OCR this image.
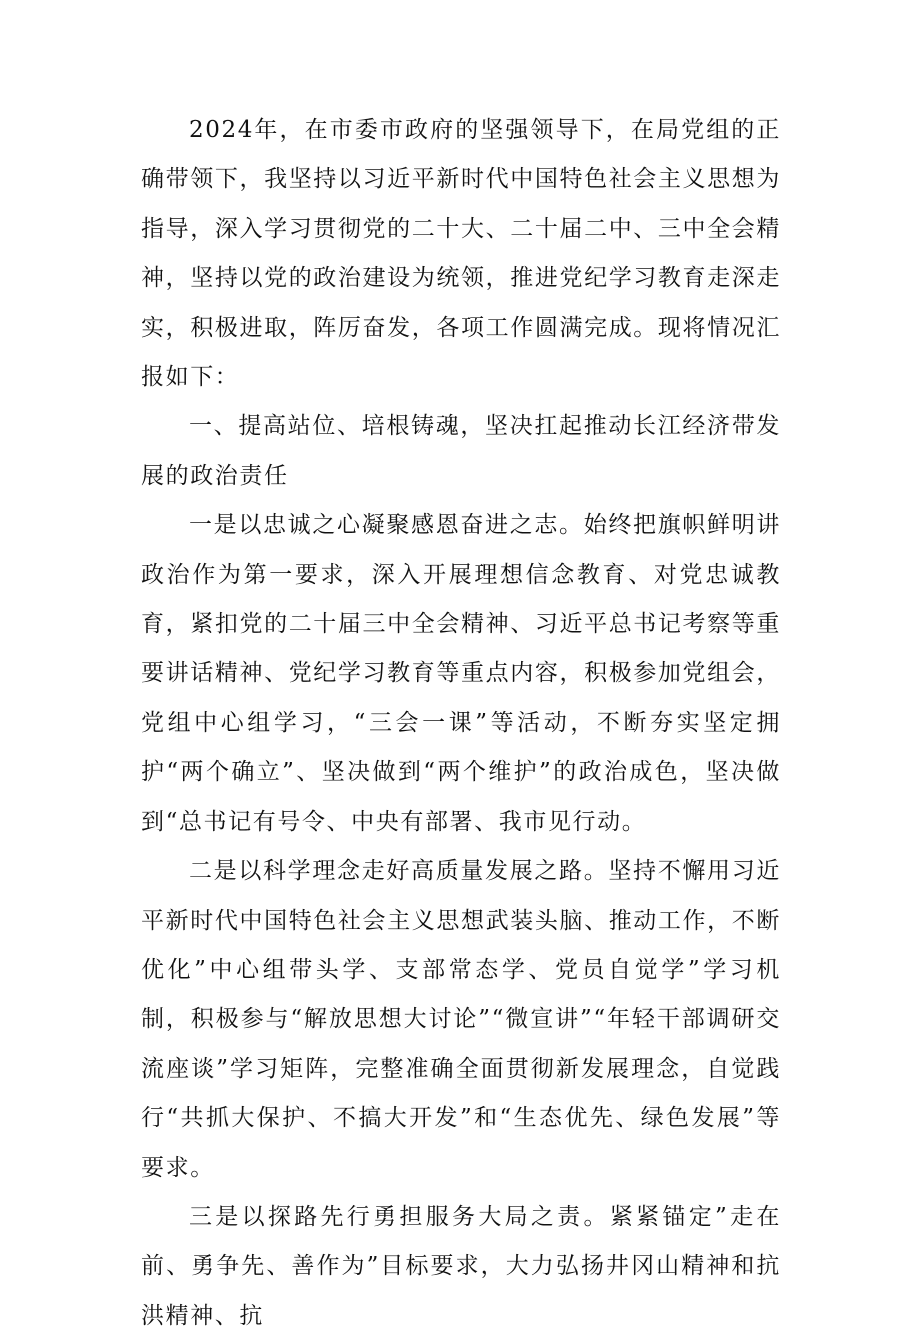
2024年，在市委市政府的坚强领导下，在局党组的正确带领下，我坚持以习近平新时代中国特色社会主义思想为指导，深入学习贯彻党的二十大、二十届二中、三中全会精神，坚持以党的政治建设为统领，推进党纪学习教育走深走实，积极进取，阵厉奋发，各项工作圆满完成。现将情况汇报如下：

一、提高站位、培根铸魂，坚决扛起推动长江经济带发展的政治责任

一是以忠诚之心凝聚感恩奋进之志。始终把旗帜鲜明讲政治作为第一要求，深入开展理想信念教育、对党忠诚教育，紧扣党的二十届三中全会精神、习近平总书记考察等重要讲话精神、党纪学习教育等重点内容，积极参加党组会，党组中心组学习，“三会一课”等活动，不断夯实坚定拥护“两个确立”、坚决做到“两个维护”的政治成色，坚决做到“总书记有号令、中央有部署、我市见行动。

二是以科学理念走好高质量发展之路。坚持不懈用习近平新时代中国特色社会主义思想武装头脑、推动工作，不断优化”中心组带头学、支部常态学、党员自觉学”学习机制，积极参与“解放思想大讨论”“微宣讲”“年轻干部调研交流座谈”学习矩阵，完整准确全面贯彻新发展理念，自觉践行“共抓大保护、不搞大开发”和“生态优先、绿色发展”等要求。

三是以探路先行勇担服务大局之责。紧紧锚定”走在前、勇争先、善作为”目标要求，大力弘扬井冈山精神和抗洪精神、抗
